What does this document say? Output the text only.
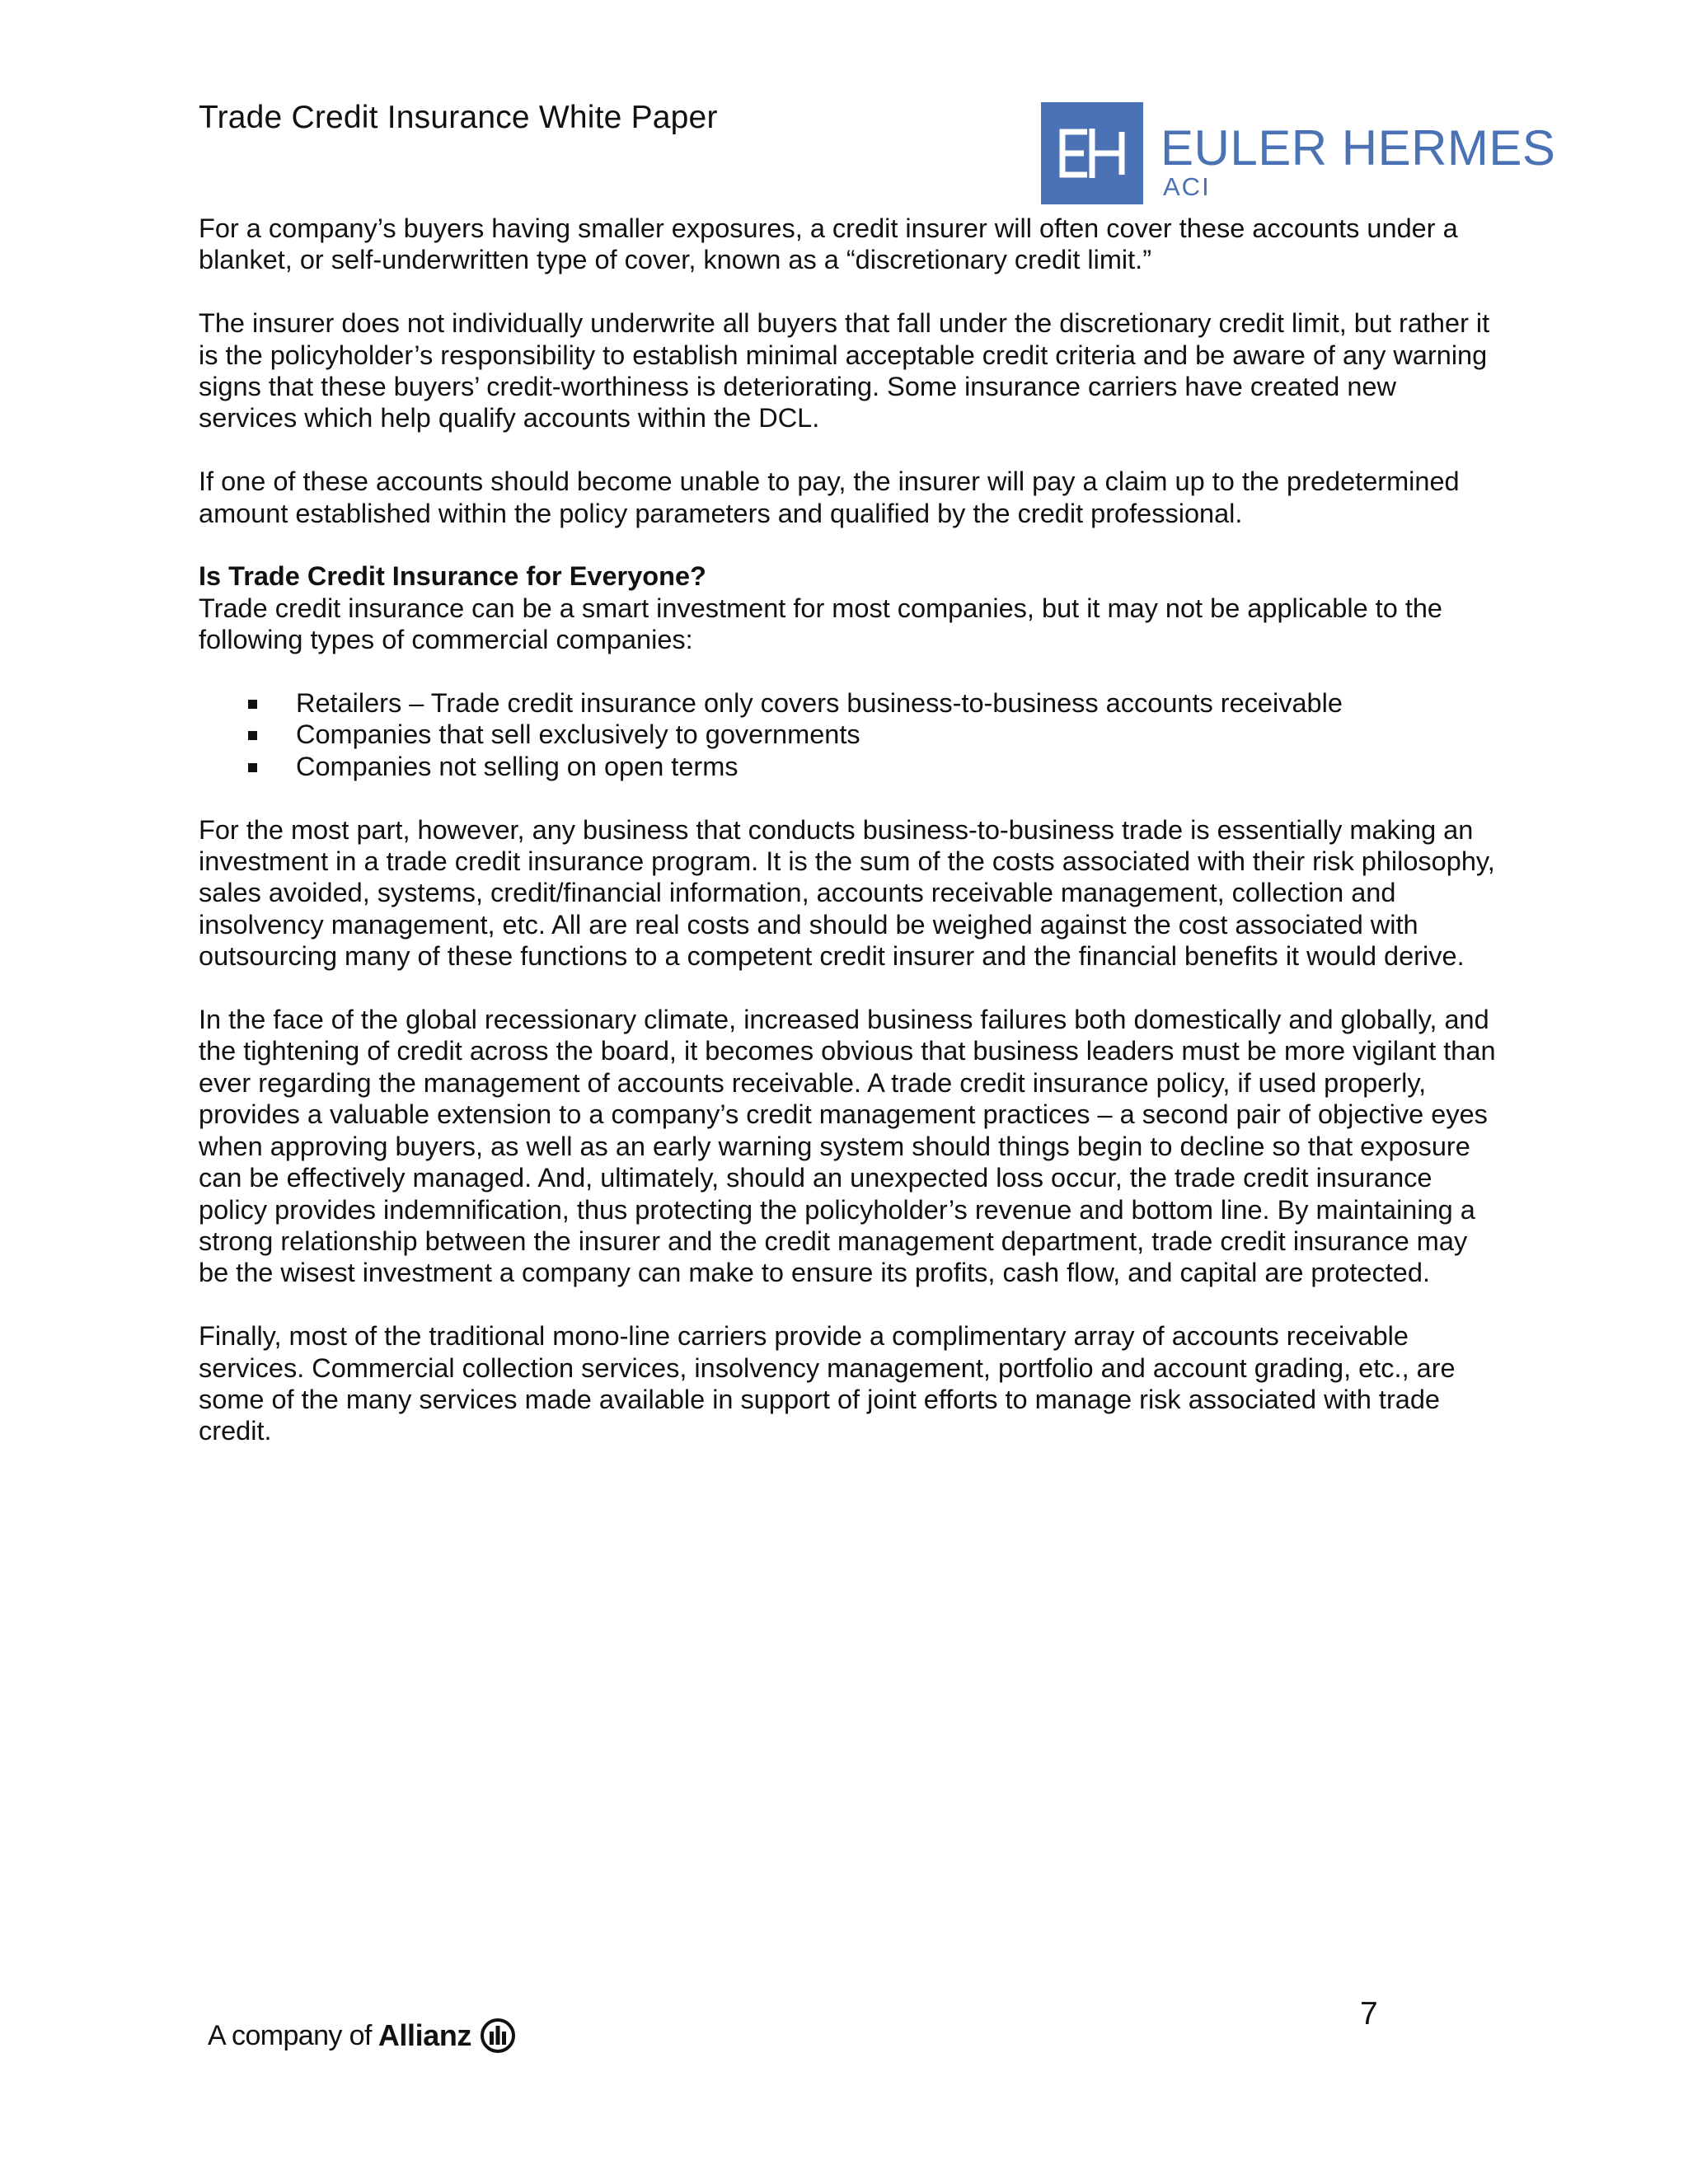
Trade Credit Insurance White Paper
EULER HERMES
ACI

For a company’s buyers having smaller exposures, a credit insurer will often cover these accounts under a blanket, or self-underwritten type of cover, known as a “discretionary credit limit.”

The insurer does not individually underwrite all buyers that fall under the discretionary credit limit, but rather it is the policyholder’s responsibility to establish minimal acceptable credit criteria and be aware of any warning signs that these buyers’ credit-worthiness is deteriorating. Some insurance carriers have created new services which help qualify accounts within the DCL.

If one of these accounts should become unable to pay, the insurer will pay a claim up to the predetermined amount established within the policy parameters and qualified by the credit professional.

Is Trade Credit Insurance for Everyone?

Trade credit insurance can be a smart investment for most companies, but it may not be applicable to the following types of commercial companies:

Retailers – Trade credit insurance only covers business-to-business accounts receivable
Companies that sell exclusively to governments
Companies not selling on open terms

For the most part, however, any business that conducts business-to-business trade is essentially making an investment in a trade credit insurance program. It is the sum of the costs associated with their risk philosophy, sales avoided, systems, credit/financial information, accounts receivable management, collection and insolvency management, etc. All are real costs and should be weighed against the cost associated with outsourcing many of these functions to a competent credit insurer and the financial benefits it would derive.

In the face of the global recessionary climate, increased business failures both domestically and globally, and the tightening of credit across the board, it becomes obvious that business leaders must be more vigilant than ever regarding the management of accounts receivable. A trade credit insurance policy, if used properly, provides a valuable extension to a company’s credit management practices – a second pair of objective eyes when approving buyers, as well as an early warning system should things begin to decline so that exposure can be effectively managed. And, ultimately, should an unexpected loss occur, the trade credit insurance policy provides indemnification, thus protecting the policyholder’s revenue and bottom line. By maintaining a strong relationship between the insurer and the credit management department, trade credit insurance may be the wisest investment a company can make to ensure its profits, cash flow, and capital are protected.

Finally, most of the traditional mono-line carriers provide a complimentary array of accounts receivable services. Commercial collection services, insolvency management, portfolio and account grading, etc., are some of the many services made available in support of joint efforts to manage risk associated with trade credit.

7
A company of Allianz
